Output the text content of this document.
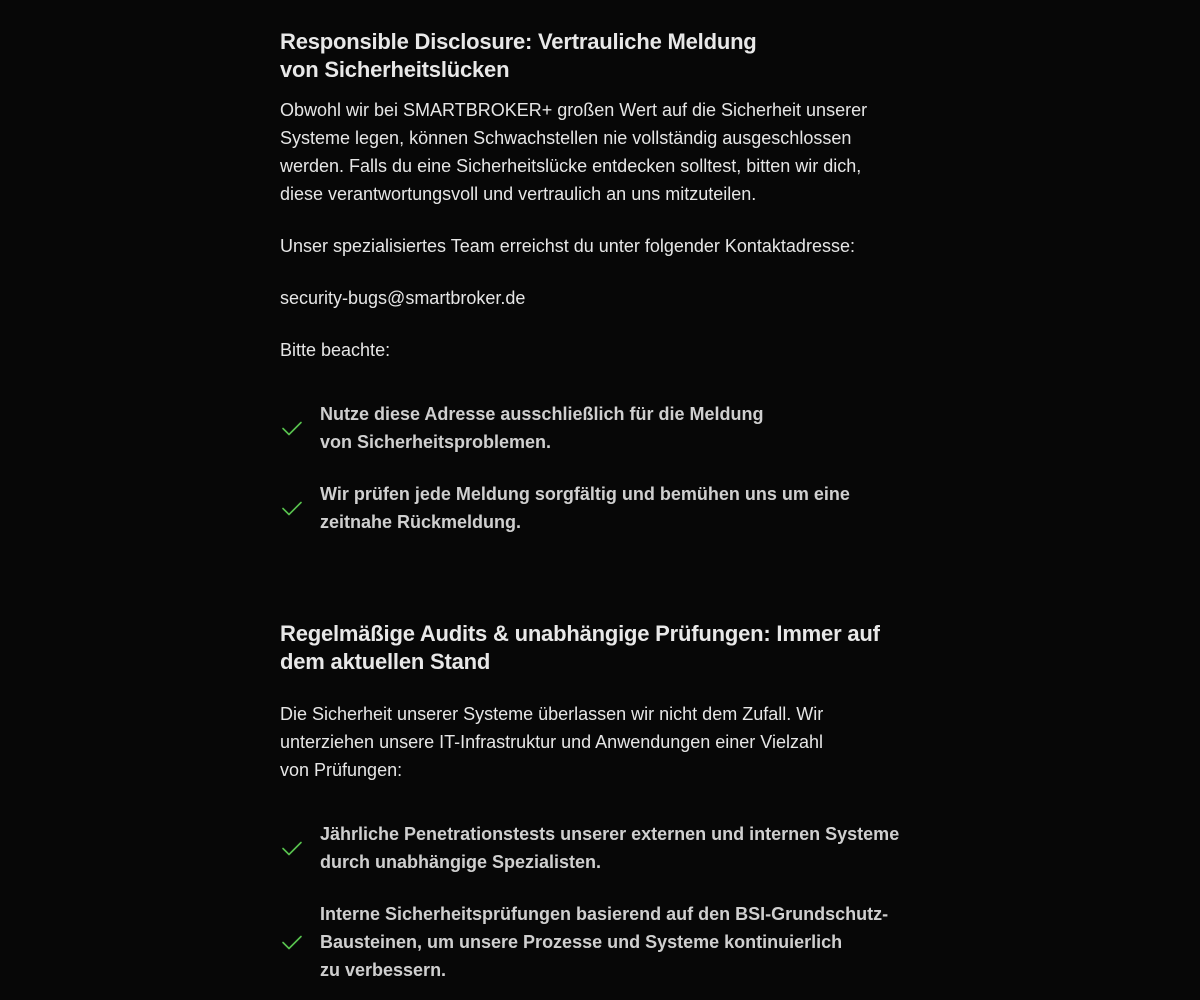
Responsible Disclosure: Vertrauliche Meldung
von Sicherheitslücken

Obwohl wir bei SMARTBROKER+ großen Wert auf die Sicherheit unserer
Systeme legen, können Schwachstellen nie vollständig ausgeschlossen
werden. Falls du eine Sicherheitslücke entdecken solltest, bitten wir dich,
diese verantwortungsvoll und vertraulich an uns mitzuteilen.

Unser spezialisiertes Team erreichst du unter folgender Kontaktadresse:

security-bugs@smartbroker.de

Bitte beachte:

Nutze diese Adresse ausschließlich für die Meldung
von Sicherheitsproblemen.
Wir prüfen jede Meldung sorgfältig und bemühen uns um eine
zeitnahe Rückmeldung.
Regelmäßige Audits & unabhängige Prüfungen: Immer auf
dem aktuellen Stand

Die Sicherheit unserer Systeme überlassen wir nicht dem Zufall. Wir
unterziehen unsere IT-Infrastruktur und Anwendungen einer Vielzahl
von Prüfungen:

Jährliche Penetrationstests unserer externen und internen Systeme
durch unabhängige Spezialisten.
Interne Sicherheitsprüfungen basierend auf den BSI-Grundschutz-
Bausteinen, um unsere Prozesse und Systeme kontinuierlich
zu verbessern.
